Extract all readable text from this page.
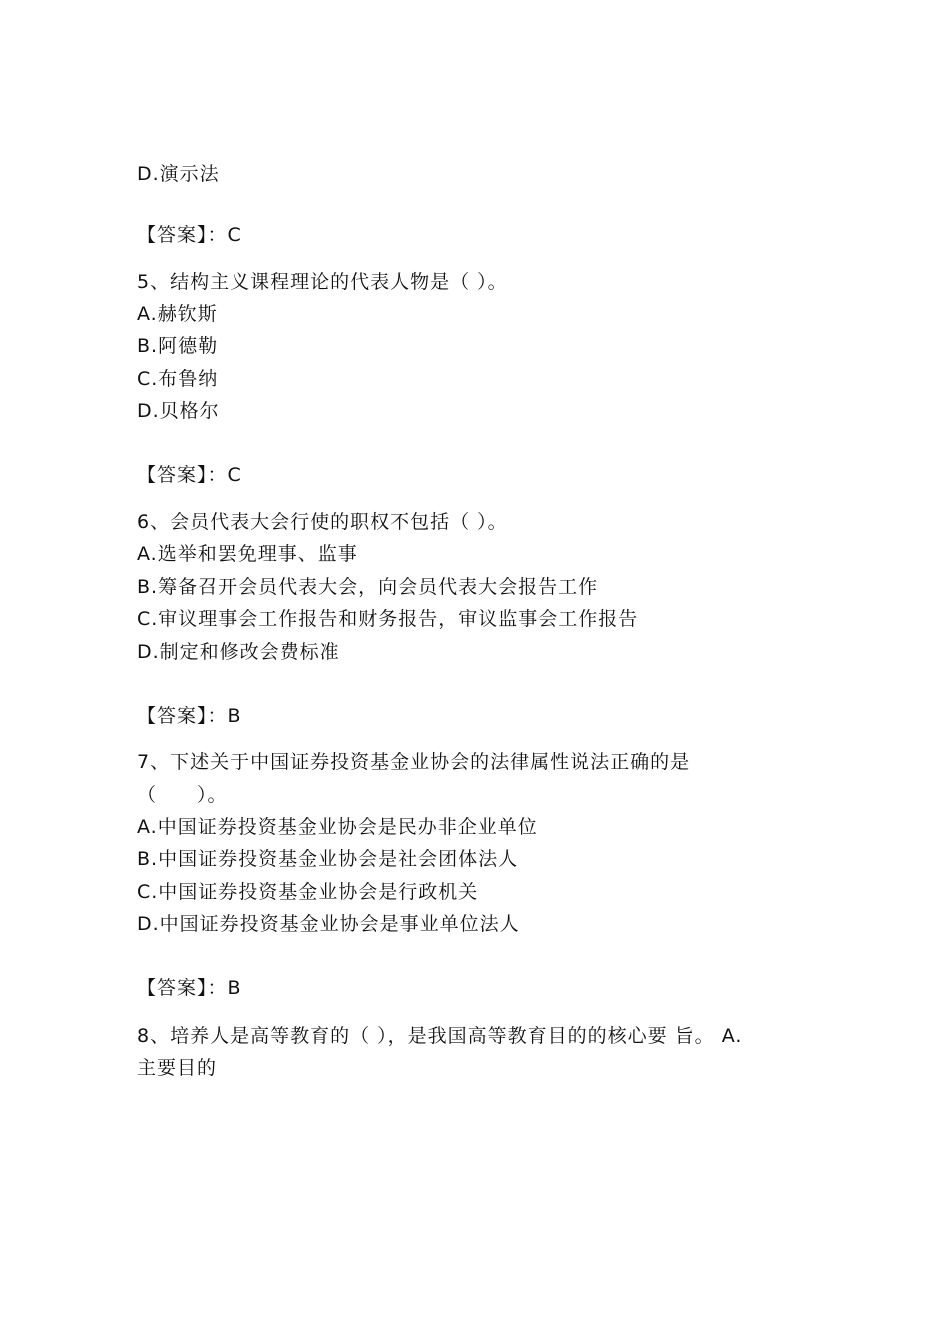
D.演示法
【答案】：C
5、结构主义课程理论的代表人物是（ ）。
A.赫钦斯
B.阿德勒
C.布鲁纳
D.贝格尔
【答案】：C
6、会员代表大会行使的职权不包括（ ）。
A.选举和罢免理事、监事
B.筹备召开会员代表大会，向会员代表大会报告工作
C.审议理事会工作报告和财务报告，审议监事会工作报告
D.制定和修改会费标准
【答案】：B
7、下述关于中国证券投资基金业协会的法律属性说法正确的是
（　　）。
A.中国证券投资基金业协会是民办非企业单位
B.中国证券投资基金业协会是社会团体法人
C.中国证券投资基金业协会是行政机关
D.中国证券投资基金业协会是事业单位法人
【答案】：B
8、培养人是高等教育的（ ），是我国高等教育目的的核心要 旨。 A.
主要目的
